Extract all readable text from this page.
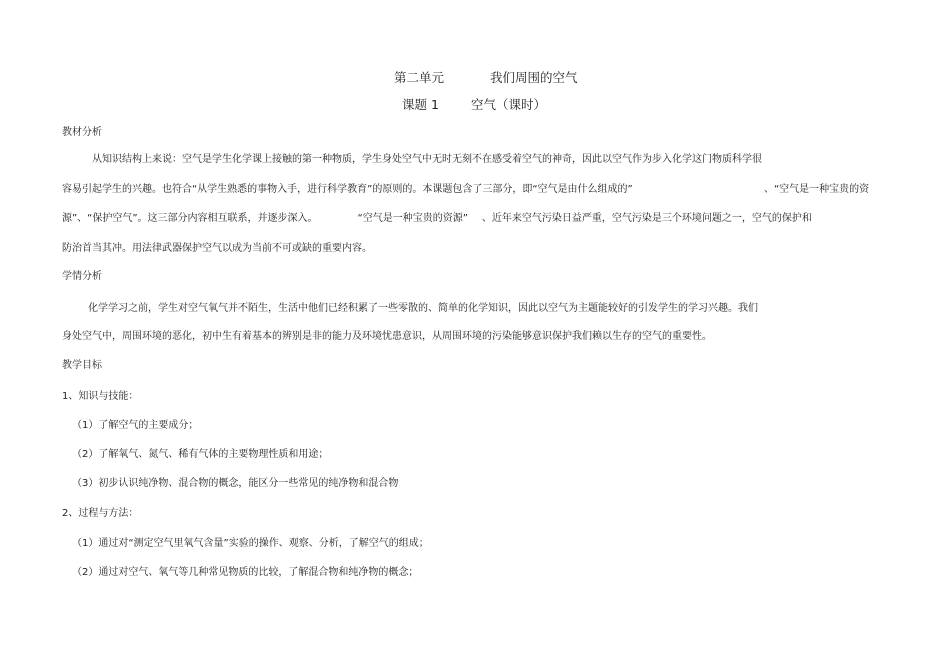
第二单元	我们周围的空气
课题 1	空气（课时）
教材分析
从知识结构上来说：空气是学生化学课上接触的第一种物质，学生身处空气中无时无刻不在感受着空气的神奇，因此以空气作为步入化学这门物质科学很
容易引起学生的兴趣。也符合“从学生熟悉的事物入手，进行科学教育”的原则的。本课题包含了三部分，即“空气是由什么组成的”	、“空气是一种宝贵的资
源”、“保护空气”。这三部分内容相互联系，并逐步深入。	“空气是一种宝贵的资源” 、近年来空气污染日益严重，空气污染是三个环境问题之一，空气的保护和
防治首当其冲。用法律武器保护空气以成为当前不可或缺的重要内容。
学情分析
化学学习之前，学生对空气氧气并不陌生，生活中他们已经积累了一些零散的、简单的化学知识，因此以空气为主题能较好的引发学生的学习兴趣。我们
身处空气中，周围环境的恶化，初中生有着基本的辨别是非的能力及环境忧患意识，从周围环境的污染能够意识保护我们赖以生存的空气的重要性。
教学目标
1、知识与技能：
（1）了解空气的主要成分；
（2）了解氧气、氮气、稀有气体的主要物理性质和用途；
（3）初步认识纯净物、混合物的概念，能区分一些常见的纯净物和混合物
2、过程与方法：
（1）通过对“测定空气里氧气含量”实验的操作、观察、分析，了解空气的组成；
（2）通过对空气、氧气等几种常见物质的比较，了解混合物和纯净物的概念；
